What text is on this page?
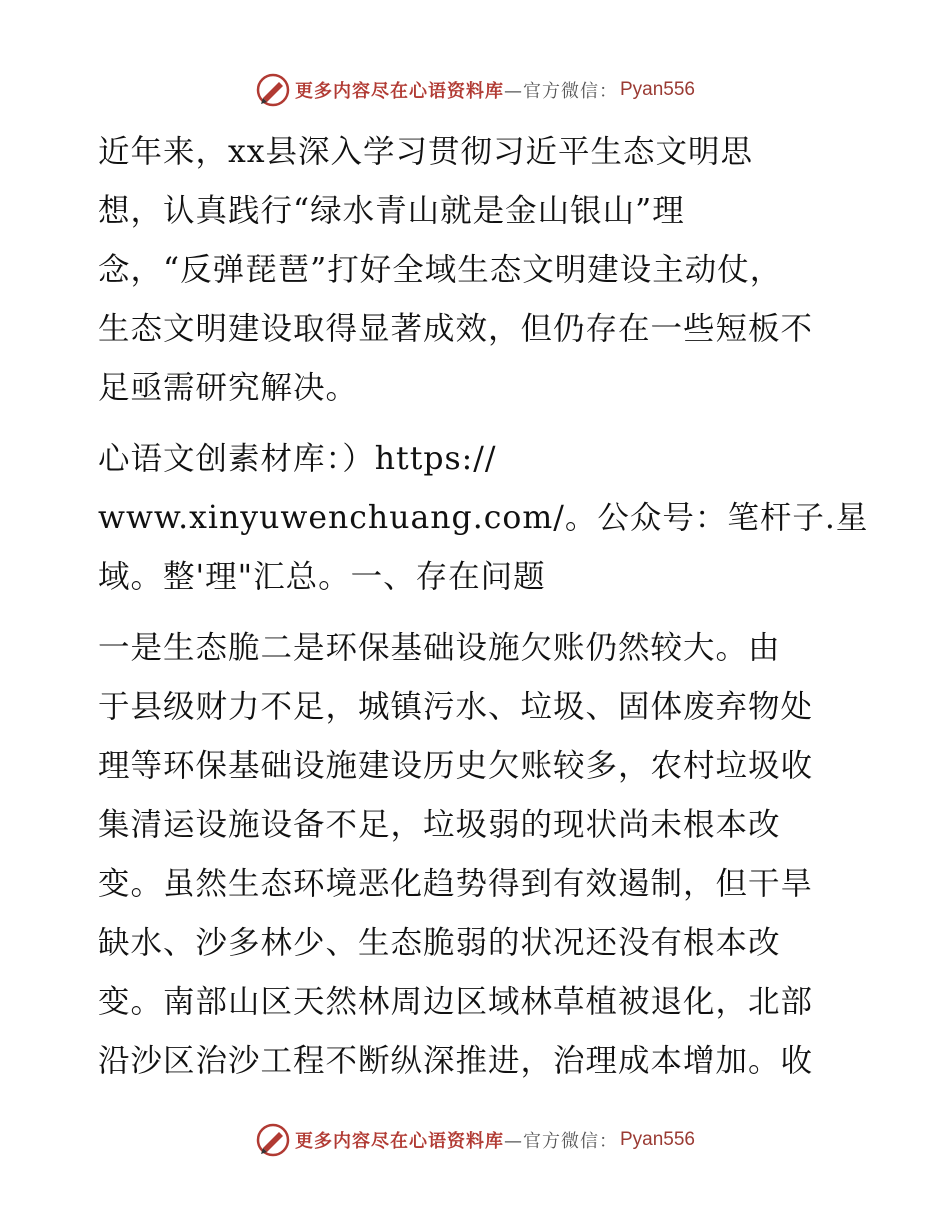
更多内容尽在心语资料库 —官方微信： Pyan556

近年来，xx县深入学习贯彻习近平生态文明思
想，认真践行“绿水青山就是金山银山”理
念，“反弹琵琶”打好全域生态文明建设主动仗，
生态文明建设取得显著成效，但仍存在一些短板不
足亟需研究解决。

心语文创素材库：）https://
www.xinyuwenchuang.com/。公众号：笔杆子.星
域。整'理"汇总。一、存在问题

一是生态脆二是环保基础设施欠账仍然较大。由
于县级财力不足，城镇污水、垃圾、固体废弃物处
理等环保基础设施建设历史欠账较多，农村垃圾收
集清运设施设备不足，垃圾弱的现状尚未根本改
变。虽然生态环境恶化趋势得到有效遏制，但干旱
缺水、沙多林少、生态脆弱的状况还没有根本改
变。南部山区天然林周边区域林草植被退化，北部
沿沙区治沙工程不断纵深推进，治理成本增加。收

更多内容尽在心语资料库 —官方微信： Pyan556
